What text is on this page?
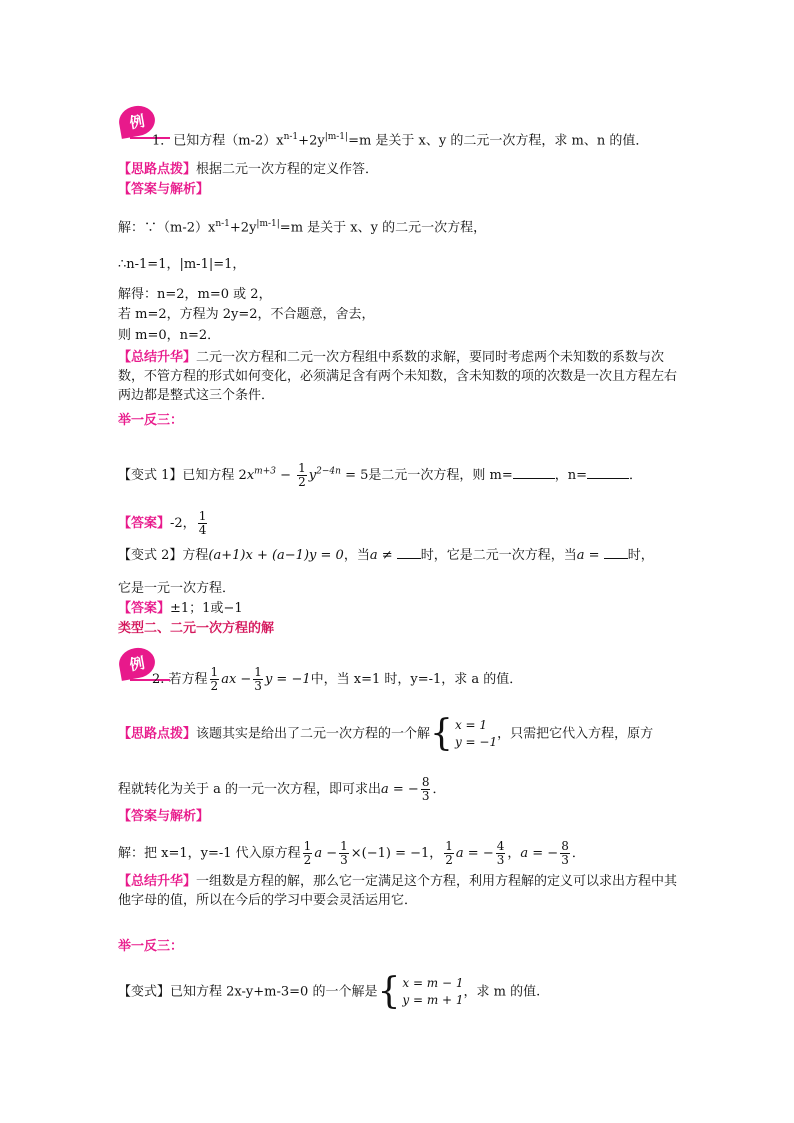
例
1．已知方程$(m-2)x^{n-1}+2y^{|m-1|}=m$ 是关于 x、y 的二元一次方程，求 m、n 的值．
【思路点拨】根据二元一次方程的定义作答．
【答案与解析】
解：$\because(m-2)x^{n-1}+2y^{|m-1|}=m$ 是关于 x、y 的二元一次方程，
∴n-1=1，|m-1|=1，
解得：n=2，m=0 或 2，
若 m=2，方程为 2y=2，不合题意，舍去，
则 m=0，n=2．
【总结升华】二元一次方程和二元一次方程组中系数的求解，要同时考虑两个未知数的系数与次数，不管方程的形式如何变化，必须满足含有两个未知数，含未知数的项的次数是一次且方程左右两边都是整式这三个条件．
举一反三：
【变式 1】已知方程 $2x^{m+3} - \frac{1}{2} y^{2-4n} = 5$是二元一次方程，则 m=	，n=	．
【答案】-2， $\frac{1}{4}$
【变式 2】方程(a+1)x + (a−1)y = 0，当a ≠ 时，它是二元一次方程，当a = 时，
它是一元一次方程．
【答案】±1；1或−1
类型二、二元一次方程的解
例
2. 若方程 $\frac{1}{2}$ ax − $\frac{1}{3}$ y = −1中，当 x=1 时，y=-1，求 a 的值．
【思路点拨】该题其实是给出了二元一次方程的一个解 { x = 1
y = −1
，只需把它代入方程，原方
程就转化为关于 a 的一元一次方程，即可求出a = − $\frac{8}{3}$ ．
【答案与解析】
解：把 x=1，y=-1 代入原方程 $\frac{1}{2}$ $a - \frac{1}{3} \times(-1) = -1$， $\frac{1}{2}$ a = − $\frac{4}{3}$ ，a = − $\frac{8}{3}$ ．
【总结升华】一组数是方程的解，那么它一定满足这个方程，利用方程解的定义可以求出方程中其他字母的值，所以在今后的学习中要会灵活运用它．
举一反三：
【变式】已知方程 2x-y+m-3=0 的一个解是 { x = m − 1
y = m + 1
，求 m 的值.
